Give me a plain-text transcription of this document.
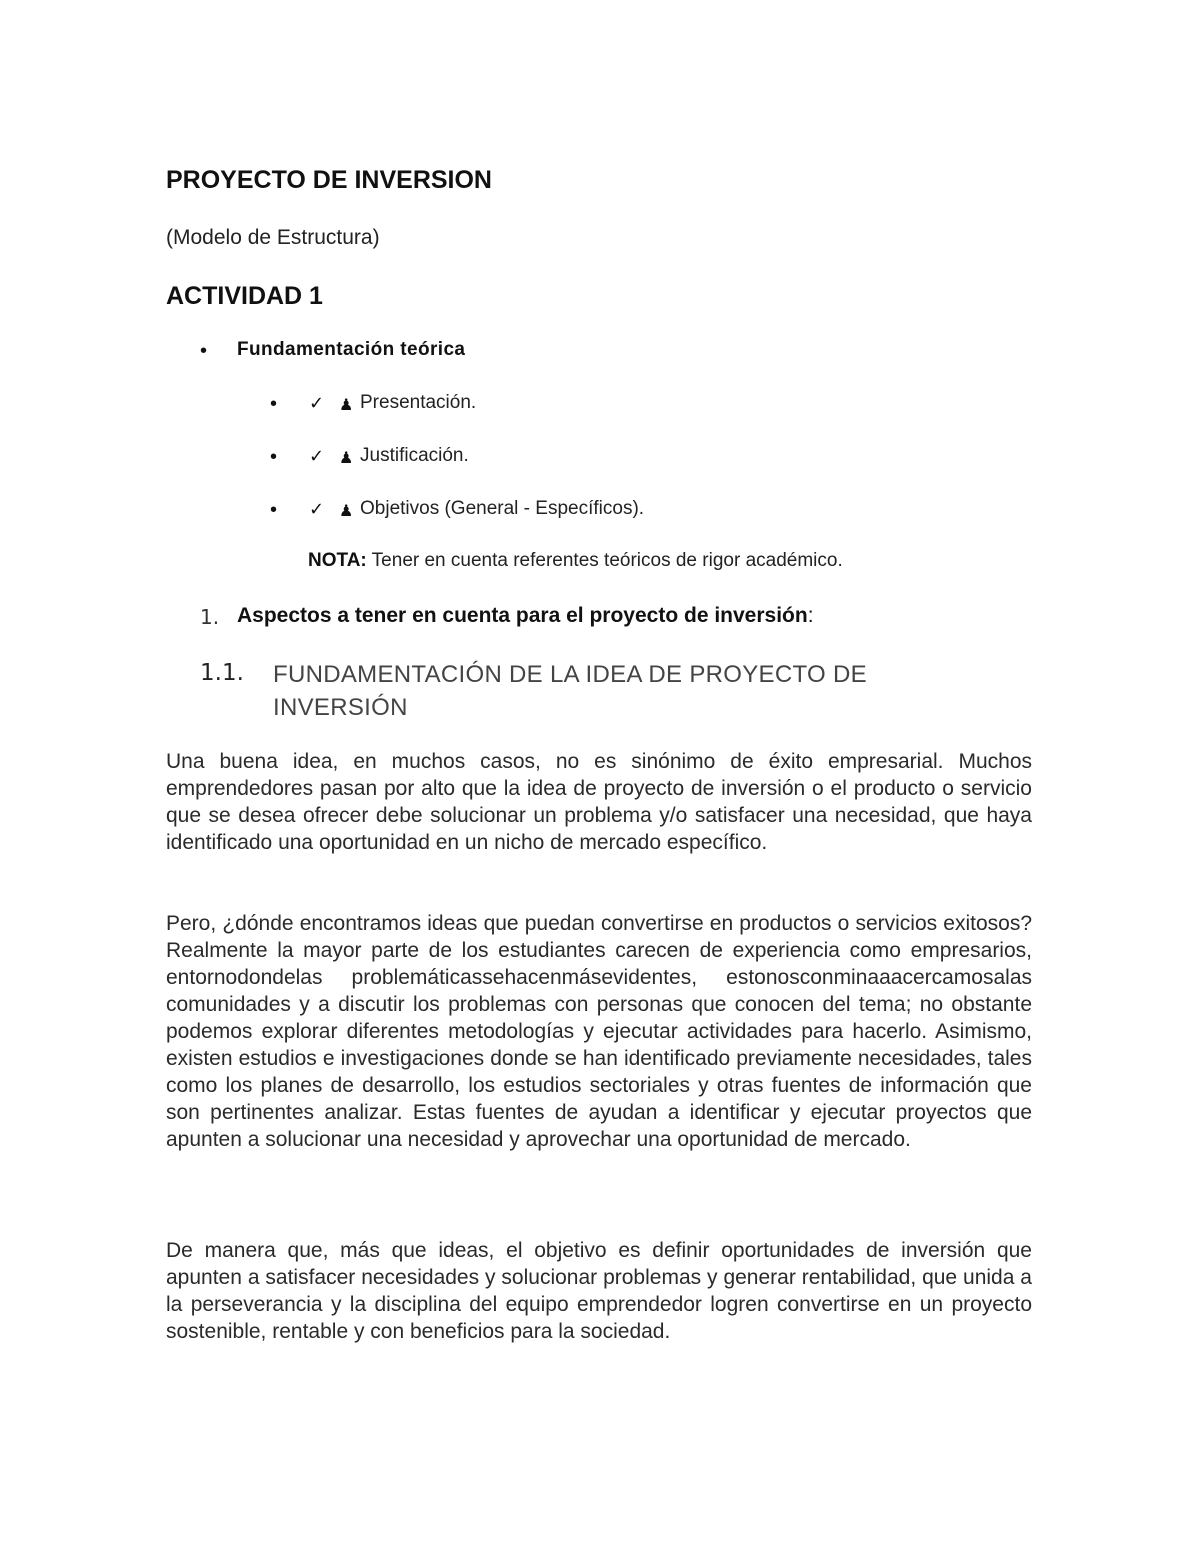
PROYECTO DE INVERSION
(Modelo de Estructura)
ACTIVIDAD 1
• Fundamentación teórica
• ✓ ♟ Presentación.
• ✓ ♟ Justificación.
• ✓ ♟ Objetivos (General - Específicos).
NOTA: Tener en cuenta referentes teóricos de rigor académico.
1. Aspectos a tener en cuenta para el proyecto de inversión:
1.1. FUNDAMENTACIÓN DE LA IDEA DE PROYECTO DE INVERSIÓN
Una buena idea, en muchos casos, no es sinónimo de éxito empresarial. Muchos emprendedores pasan por alto que la idea de proyecto de inversión o el producto o servicio que se desea ofrecer debe solucionar un problema y/o satisfacer una necesidad, que haya identificado una oportunidad en un nicho de mercado específico.
Pero, ¿dónde encontramos ideas que puedan convertirse en productos o servicios exitosos? Realmente la mayor parte de los estudiantes carecen de experiencia como empresarios, entornodondelas problemáticassehacenmásevidentes, estonosconminaaacercamosalas comunidades y a discutir los problemas con personas que conocen del tema; no obstante podemos explorar diferentes metodologías y ejecutar actividades para hacerlo. Asimismo, existen estudios e investigaciones donde se han identificado previamente necesidades, tales como los planes de desarrollo, los estudios sectoriales y otras fuentes de información que son pertinentes analizar. Estas fuentes de ayudan a identificar y ejecutar proyectos que apunten a solucionar una necesidad y aprovechar una oportunidad de mercado.
De manera que, más que ideas, el objetivo es definir oportunidades de inversión que apunten a satisfacer necesidades y solucionar problemas y generar rentabilidad, que unida a la perseverancia y la disciplina del equipo emprendedor logren convertirse en un proyecto sostenible, rentable y con beneficios para la sociedad.
